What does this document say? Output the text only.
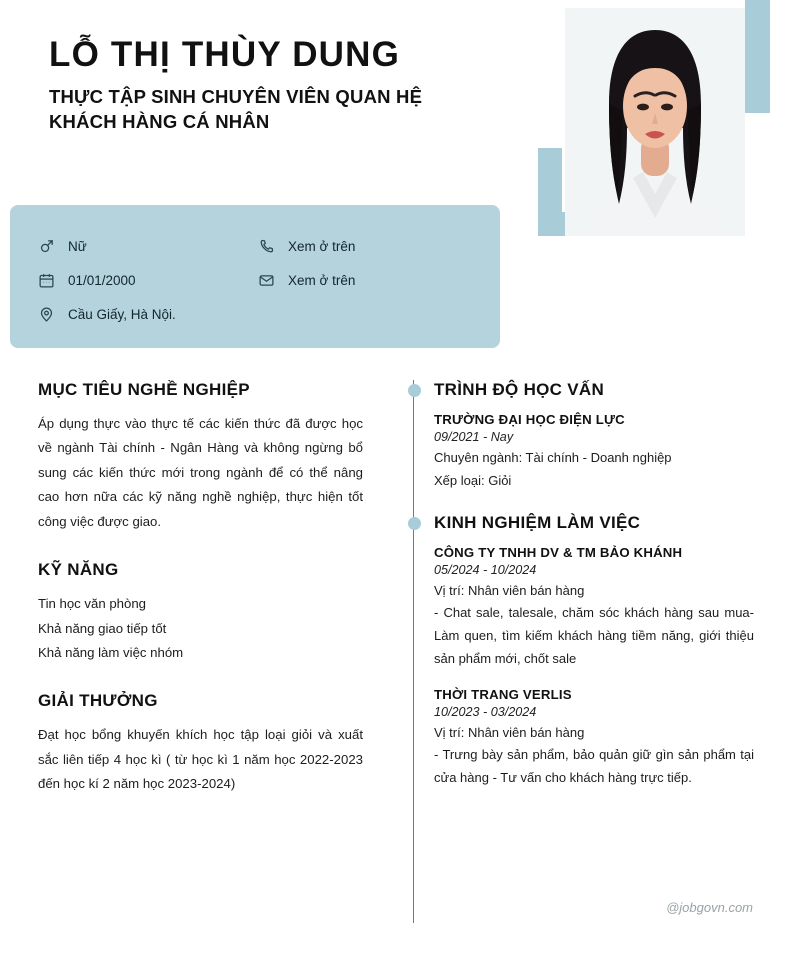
LỖ THỊ THÙY DUNG
THỰC TẬP SINH CHUYÊN VIÊN QUAN HỆ KHÁCH HÀNG CÁ NHÂN
Nữ
01/01/2000
Cầu Giấy, Hà Nội.
Xem ở trên
Xem ở trên
MỤC TIÊU NGHỀ NGHIỆP
Áp dụng thực vào thực tế các kiến thức đã được học về ngành Tài chính - Ngân Hàng và không ngừng bổ sung các kiến thức mới trong ngành để có thể nâng cao hơn nữa các kỹ năng nghề nghiệp, thực hiện tốt công việc được giao.
KỸ NĂNG
Tin học văn phòng
Khả năng giao tiếp tốt
Khả năng làm việc nhóm
GIẢI THƯỞNG
Đạt học bổng khuyến khích học tập loại giỏi và xuất sắc liên tiếp 4 học kì ( từ học kì 1 năm học 2022-2023 đến học kí 2 năm học 2023-2024)
TRÌNH ĐỘ HỌC VẤN
TRƯỜNG ĐẠI HỌC ĐIỆN LỰC
09/2021 - Nay
Chuyên ngành: Tài chính - Doanh nghiệp
Xếp loại: Giỏi
KINH NGHIỆM LÀM VIỆC
CÔNG TY TNHH DV & TM BẢO KHÁNH
05/2024 - 10/2024
Vị trí: Nhân viên bán hàng
- Chat sale, talesale, chăm sóc khách hàng sau mua- Làm quen, tìm kiếm khách hàng tiềm năng, giới thiệu sản phẩm mới, chốt sale
THỜI TRANG VERLIS
10/2023 - 03/2024
Vị trí: Nhân viên bán hàng
- Trưng bày sản phẩm, bảo quản giữ gìn sản phẩm tại cửa hàng - Tư vấn cho khách hàng trực tiếp.
@jobgovn.com
